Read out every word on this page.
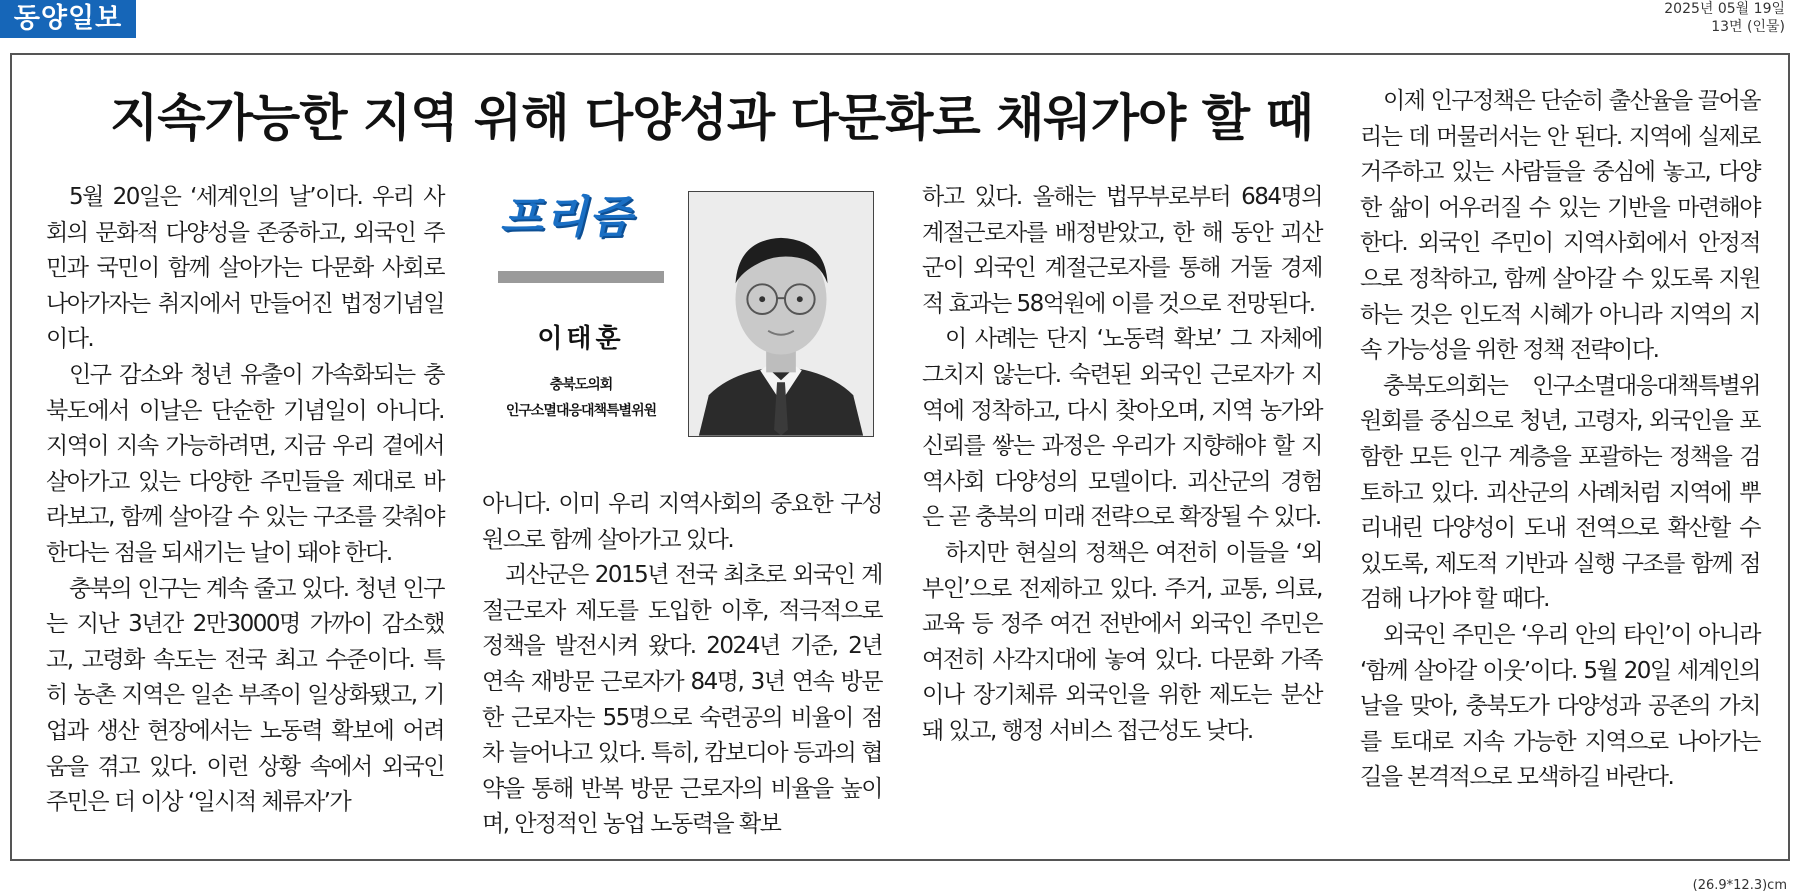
동양일보	2025년 05월 19일
13면 (인물)
지속가능한 지역 위해 다양성과 다문화로 채워가야 할 때

5월 20일은 ‘세계인의 날’이다. 우리 사회의 문화적 다양성을 존중하고, 외국인 주민과 국민이 함께 살아가는 다문화 사회로 나아가자는 취지에서 만들어진 법정기념일이다.

인구 감소와 청년 유출이 가속화되는 충북도에서 이날은 단순한 기념일이 아니다. 지역이 지속 가능하려면, 지금 우리 곁에서 살아가고 있는 다양한 주민들을 제대로 바라보고, 함께 살아갈 수 있는 구조를 갖춰야 한다는 점을 되새기는 날이 돼야 한다.

충북의 인구는 계속 줄고 있다. 청년 인구는 지난 3년간 2만3000명 가까이 감소했고, 고령화 속도는 전국 최고 수준이다. 특히 농촌 지역은 일손 부족이 일상화됐고, 기업과 생산 현장에서는 노동력 확보에 어려움을 겪고 있다. 이런 상황 속에서 외국인 주민은 더 이상 ‘일시적 체류자’가

프리즘
이태훈
충북도의회
인구소멸대응대책특별위원

아니다. 이미 우리 지역사회의 중요한 구성원으로 함께 살아가고 있다.

괴산군은 2015년 전국 최초로 외국인 계절근로자 제도를 도입한 이후, 적극적으로 정책을 발전시켜 왔다. 2024년 기준, 2년 연속 재방문 근로자가 84명, 3년 연속 방문한 근로자는 55명으로 숙련공의 비율이 점차 늘어나고 있다. 특히, 캄보디아 등과의 협약을 통해 반복 방문 근로자의 비율을 높이며, 안정적인 농업 노동력을 확보

하고 있다. 올해는 법무부로부터 684명의 계절근로자를 배정받았고, 한 해 동안 괴산군이 외국인 계절근로자를 통해 거둘 경제적 효과는 58억원에 이를 것으로 전망된다.

이 사례는 단지 ‘노동력 확보’ 그 자체에 그치지 않는다. 숙련된 외국인 근로자가 지역에 정착하고, 다시 찾아오며, 지역 농가와 신뢰를 쌓는 과정은 우리가 지향해야 할 지역사회 다양성의 모델이다. 괴산군의 경험은 곧 충북의 미래 전략으로 확장될 수 있다.

하지만 현실의 정책은 여전히 이들을 ‘외부인’으로 전제하고 있다. 주거, 교통, 의료, 교육 등 정주 여건 전반에서 외국인 주민은 여전히 사각지대에 놓여 있다. 다문화 가족이나 장기체류 외국인을 위한 제도는 분산돼 있고, 행정 서비스 접근성도 낮다.

이제 인구정책은 단순히 출산율을 끌어올리는 데 머물러서는 안 된다. 지역에 실제로 거주하고 있는 사람들을 중심에 놓고, 다양한 삶이 어우러질 수 있는 기반을 마련해야 한다. 외국인 주민이 지역사회에서 안정적으로 정착하고, 함께 살아갈 수 있도록 지원하는 것은 인도적 시혜가 아니라 지역의 지속 가능성을 위한 정책 전략이다.

충북도의회는 인구소멸대응대책특별위원회를 중심으로 청년, 고령자, 외국인을 포함한 모든 인구 계층을 포괄하는 정책을 검토하고 있다. 괴산군의 사례처럼 지역에 뿌리내린 다양성이 도내 전역으로 확산할 수 있도록, 제도적 기반과 실행 구조를 함께 점검해 나가야 할 때다.

외국인 주민은 ‘우리 안의 타인’이 아니라 ‘함께 살아갈 이웃’이다. 5월 20일 세계인의 날을 맞아, 충북도가 다양성과 공존의 가치를 토대로 지속 가능한 지역으로 나아가는 길을 본격적으로 모색하길 바란다.

(26.9*12.3)cm
